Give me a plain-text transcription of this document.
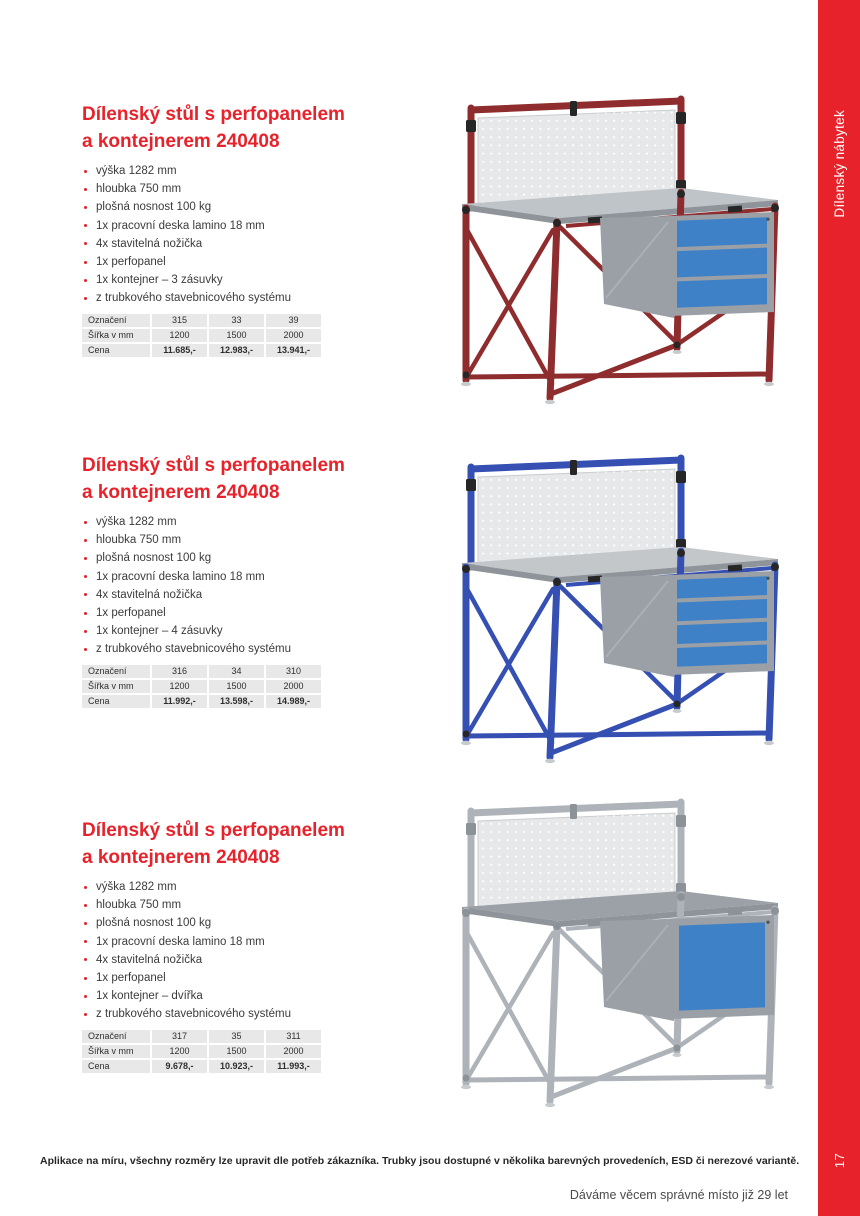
Dílenský nábytek
17
Dílenský stůl s perfopanelem
a kontejnerem 240408
výška 1282 mm
hloubka 750 mm
plošná nosnost 100 kg
1x pracovní deska lamino 18 mm
4x stavitelná nožička
1x perfopanel
1x kontejner – 3 zásuvky
z trubkového stavebnicového systému
Označení	315	33	39
Šířka v mm	1200	1500	2000
Cena	11.685,-	12.983,-	13.941,-
Dílenský stůl s perfopanelem
a kontejnerem 240408
výška 1282 mm
hloubka 750 mm
plošná nosnost 100 kg
1x pracovní deska lamino 18 mm
4x stavitelná nožička
1x perfopanel
1x kontejner – 4 zásuvky
z trubkového stavebnicového systému
Označení	316	34	310
Šířka v mm	1200	1500	2000
Cena	11.992,-	13.598,-	14.989,-
Dílenský stůl s perfopanelem
a kontejnerem 240408
výška 1282 mm
hloubka 750 mm
plošná nosnost 100 kg
1x pracovní deska lamino 18 mm
4x stavitelná nožička
1x perfopanel
1x kontejner – dvířka
z trubkového stavebnicového systému
Označení	317	35	311
Šířka v mm	1200	1500	2000
Cena	9.678,-	10.923,-	11.993,-

Aplikace na míru, všechny rozměry lze upravit dle potřeb zákazníka. Trubky jsou dostupné v několika barevných provedeních, ESD či nerezové variantě.

Dáváme věcem správné místo již 29 let
